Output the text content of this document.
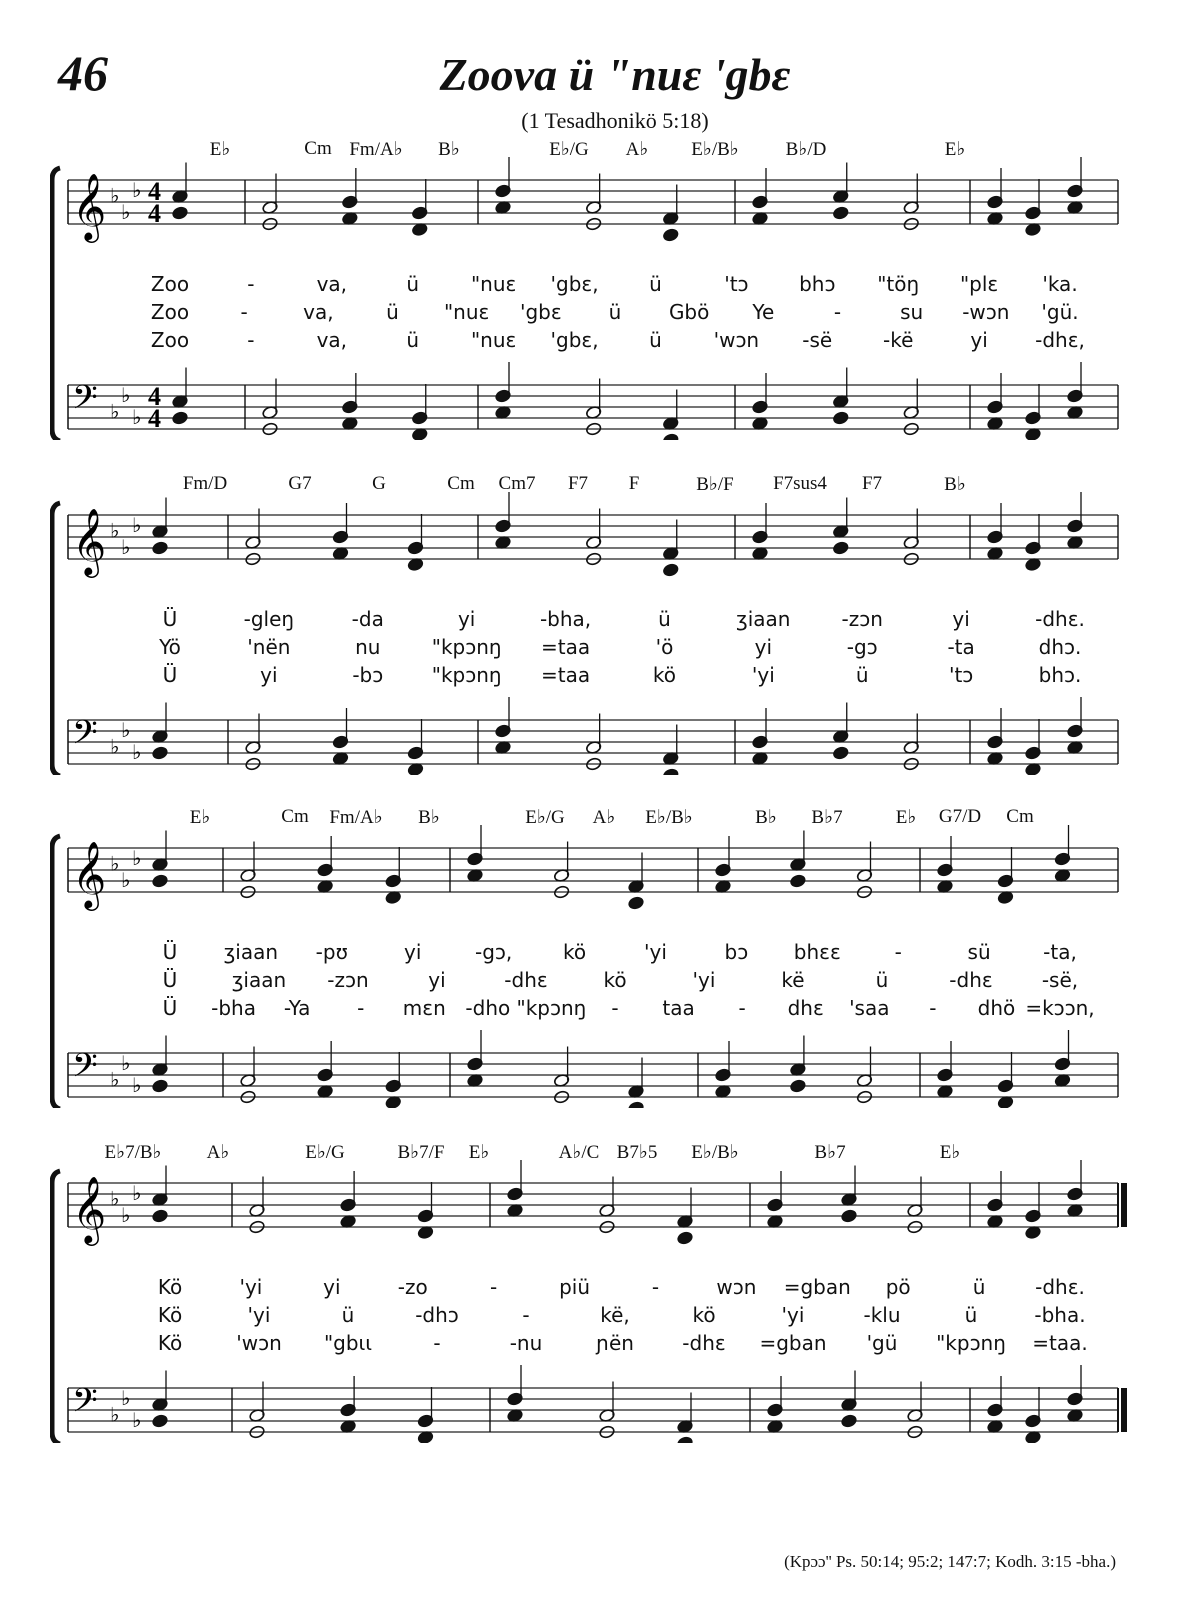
46	Zoova ü "nuɛ 'gbɛ
(1 Tesadhonikö 5:18)
𝄞 ♭
♭
♭ 4
4
𝄢 ♭
♭
♭
4
4
E♭	Cm Fm/A♭ B♭	E♭/G A♭ E♭/B♭ B♭/D	E♭
Zoo	-	va,	ü	"nuɛ 'gbɛ,	ü	'tɔ	bhɔ "töŋ "plɛ 'ka.
Zoo	-	va,	ü "nuɛ 'gbɛ ü Gbö Ye	-	su -wɔn 'gü.
Zoo	-	va,	ü	"nuɛ 'gbɛ,	ü	'wɔn -së	-kë	yi -dhɛ,
𝄞 ♭
♭
♭
𝄢 ♭
♭
♭
Fm/D	G7	G	Cm Cm7 F7 F	B♭/F F7sus4 F7	B♭
Ü	-gleŋ	-da	yi	-bha,	ü	ʒiaan	-zɔn	yi	-dhɛ.
Yö	'nën	nu	"kpɔnŋ =taa	'ö	yi	-gɔ	-ta	dhɔ.
Ü	yi	-bɔ "kpɔnŋ =taa	kö	'yi	ü	'tɔ	bhɔ.
𝄞 ♭
♭
♭
𝄢 ♭
♭
♭
E♭	Cm Fm/A♭ B♭	E♭/G A♭ E♭/B♭	B♭ B♭7	E♭ G7/D Cm
Ü ʒiaan -pʊ	yi	-gɔ,	kö	'yi	bɔ bhɛɛ	-	sü	-ta,
Ü	ʒiaan -zɔn	yi	-dhɛ	kö	'yi	kë	ü	-dhɛ -së,
Ü -bha -Ya - mɛn -dho "kpɔnŋ - taa - dhɛ 'saa - dhö =kɔɔn,
𝄞 ♭
♭
♭
𝄢 ♭
♭
♭
E♭7/B♭ A♭	E♭/G	B♭7/F E♭	A♭/C B7♭5 E♭/B♭	B♭7	E♭
Kö	'yi	yi	-zo	-	piü	-	wɔn =gban pö	ü -dhɛ.
Kö	'yi	ü	-dhɔ	-	kë,	kö	'yi	-klu	ü	-bha.
Kö	'wɔn "gbɩɩ	-	-nu	ɲën -dhɛ =gban 'gü "kpɔnŋ =taa.
(Kpɔɔ'' Ps. 50:14; 95:2; 147:7; Kodh. 3:15 -bha.)
